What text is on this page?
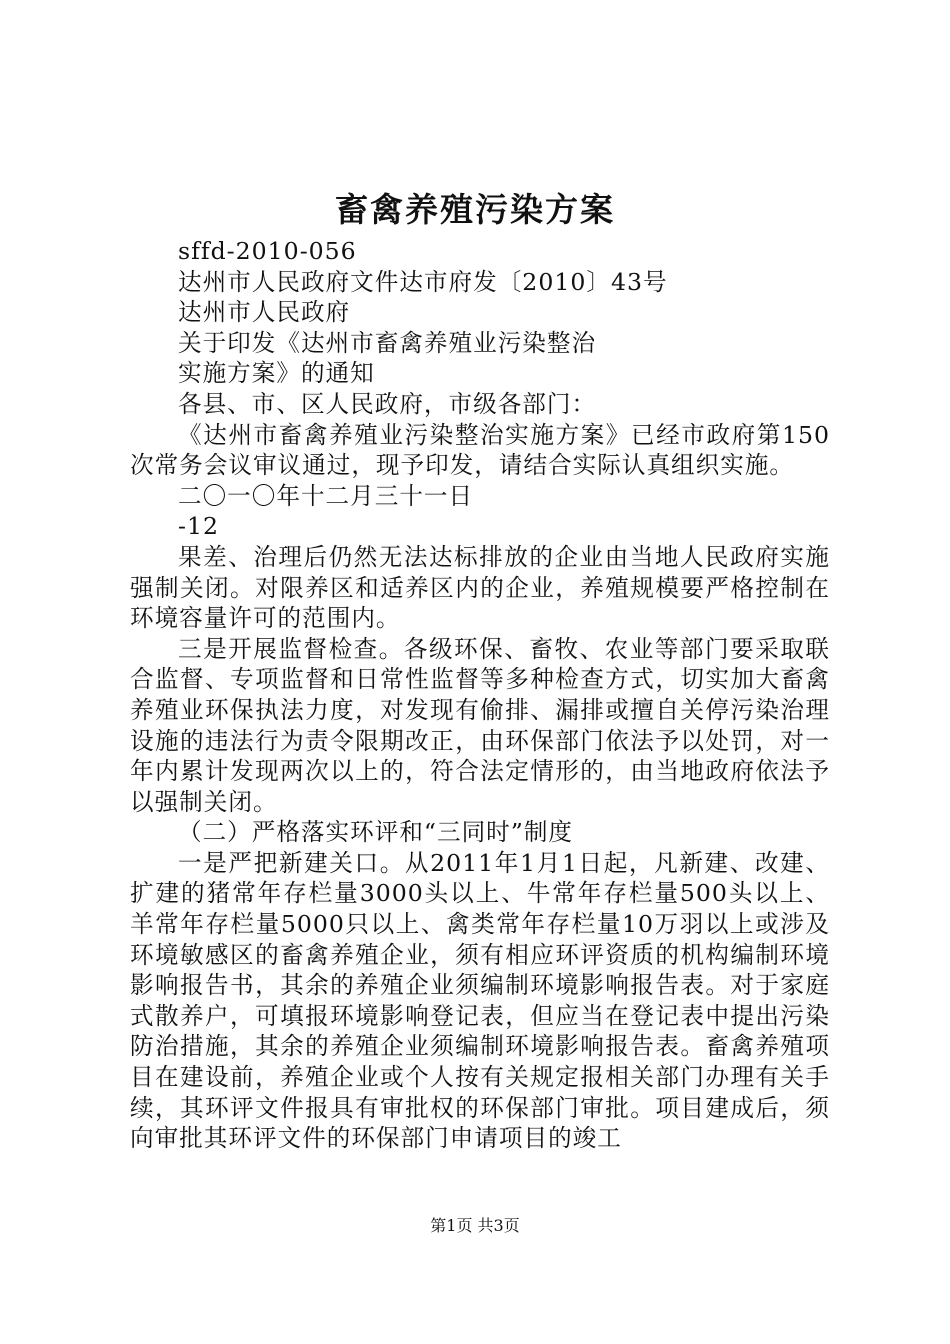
畜禽养殖污染方案

sffd-2010-056

达州市人民政府文件达市府发〔2010〕43号

达州市人民政府

关于印发《达州市畜禽养殖业污染整治

实施方案》的通知

各县、市、区人民政府，市级各部门：

《达州市畜禽养殖业污染整治实施方案》已经市政府第150次常务会议审议通过，现予印发，请结合实际认真组织实施。

二〇一〇年十二月三十一日

-12

果差、治理后仍然无法达标排放的企业由当地人民政府实施强制关闭。对限养区和适养区内的企业，养殖规模要严格控制在环境容量许可的范围内。

三是开展监督检查。各级环保、畜牧、农业等部门要采取联合监督、专项监督和日常性监督等多种检查方式，切实加大畜禽养殖业环保执法力度，对发现有偷排、漏排或擅自关停污染治理设施的违法行为责令限期改正，由环保部门依法予以处罚，对一年内累计发现两次以上的，符合法定情形的，由当地政府依法予以强制关闭。

（二）严格落实环评和“三同时”制度

一是严把新建关口。从2011年1月1日起，凡新建、改建、扩建的猪常年存栏量3000头以上、牛常年存栏量500头以上、羊常年存栏量5000只以上、禽类常年存栏量10万羽以上或涉及环境敏感区的畜禽养殖企业，须有相应环评资质的机构编制环境影响报告书，其余的养殖企业须编制环境影响报告表。对于家庭式散养户，可填报环境影响登记表，但应当在登记表中提出污染防治措施，其余的养殖企业须编制环境影响报告表。畜禽养殖项目在建设前，养殖企业或个人按有关规定报相关部门办理有关手续，其环评文件报具有审批权的环保部门审批。项目建成后，须向审批其环评文件的环保部门申请项目的竣工

第1页 共3页
